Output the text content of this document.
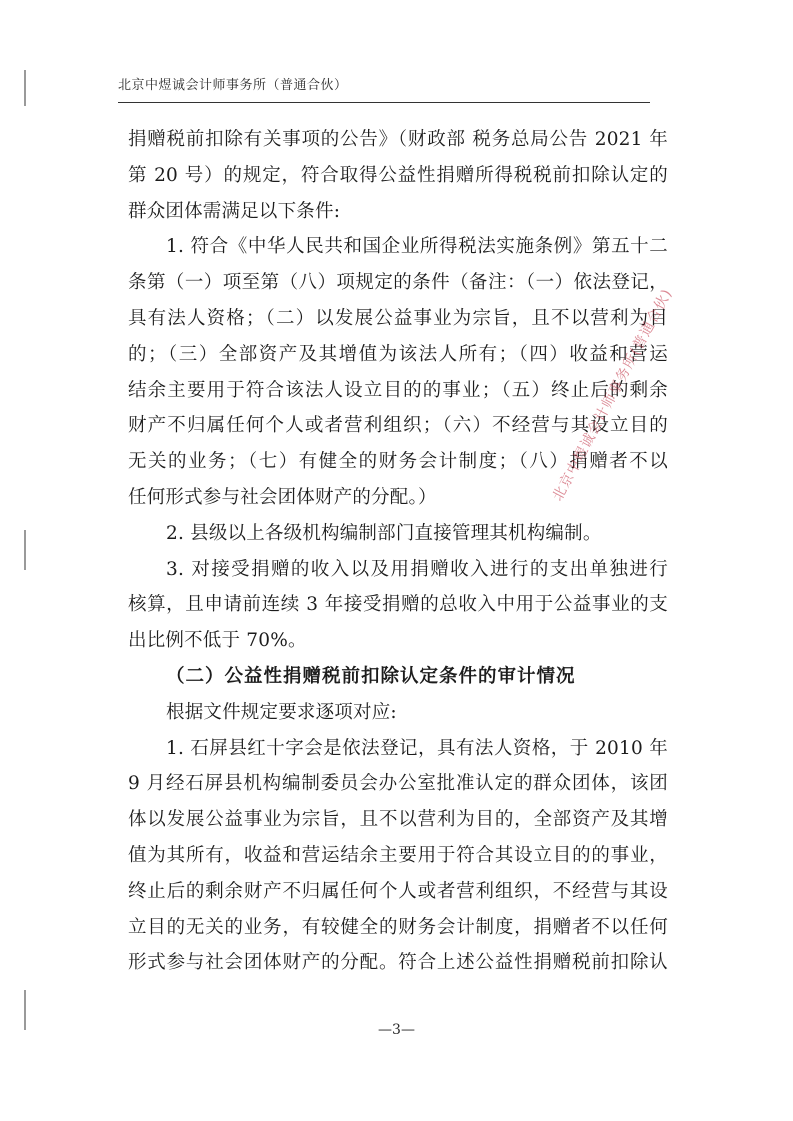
北京中煜诚会计师事务所（普通合伙）
捐赠税前扣除有关事项的公告》（财政部 税务总局公告 2021 年
第 20 号）的规定，符合取得公益性捐赠所得税税前扣除认定的
群众团体需满足以下条件:
1. 符合《中华人民共和国企业所得税法实施条例》第五十二
条第（一）项至第（八）项规定的条件（备注：（一）依法登记，
具有法人资格；（二）以发展公益事业为宗旨，且不以营利为目
的；（三）全部资产及其增值为该法人所有；（四）收益和营运
结余主要用于符合该法人设立目的的事业；（五）终止后的剩余
财产不归属任何个人或者营利组织；（六）不经营与其设立目的
无关的业务；（七）有健全的财务会计制度；（八）捐赠者不以
任何形式参与社会团体财产的分配。）
2. 县级以上各级机构编制部门直接管理其机构编制。
3. 对接受捐赠的收入以及用捐赠收入进行的支出单独进行
核算，且申请前连续 3 年接受捐赠的总收入中用于公益事业的支
出比例不低于 70%。
（二）公益性捐赠税前扣除认定条件的审计情况
根据文件规定要求逐项对应:
1. 石屏县红十字会是依法登记，具有法人资格，于 2010 年
9 月经石屏县机构编制委员会办公室批准认定的群众团体，该团
体以发展公益事业为宗旨，且不以营利为目的，全部资产及其增
值为其所有，收益和营运结余主要用于符合其设立目的的事业，
终止后的剩余财产不归属任何个人或者营利组织，不经营与其设
立目的无关的业务，有较健全的财务会计制度，捐赠者不以任何
形式参与社会团体财产的分配。符合上述公益性捐赠税前扣除认
北京中煜诚会计师事务所(普通合伙)
—3—
